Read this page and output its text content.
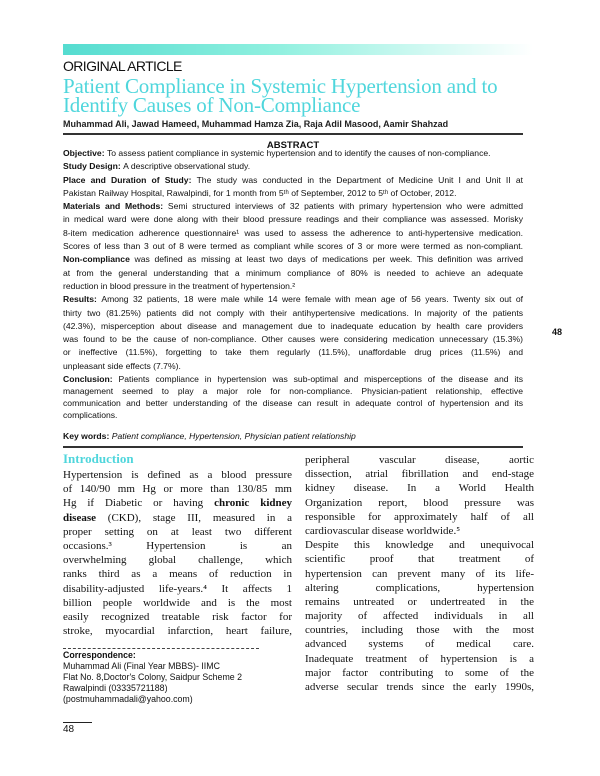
ORIGINAL ARTICLE
Patient Compliance in Systemic Hypertension and to
Identify Causes of Non-Compliance
Muhammad Ali, Jawad Hameed, Muhammad Hamza Zia, Raja Adil Masood, Aamir Shahzad
ABSTRACT
Objective: To assess patient compliance in systemic hypertension and to identify the causes of non-compliance.
Study Design: A descriptive observational study.
Place and Duration of Study: The study was conducted in the Department of Medicine Unit I and Unit II at
Pakistan Railway Hospital, Rawalpindi, for 1 month from 5ᵗʰ of September, 2012 to 5ᵗʰ of October, 2012.
Materials and Methods: Semi structured interviews of 32 patients with primary hypertension who were admitted
in medical ward were done along with their blood pressure readings and their compliance was assessed. Morisky
8-item medication adherence questionnaire¹ was used to assess the adherence to anti-hypertensive medication.
Scores of less than 3 out of 8 were termed as compliant while scores of 3 or more were termed as non-compliant.
Non-compliance was defined as missing at least two days of medications per week. This definition was arrived
at from the general understanding that a minimum compliance of 80% is needed to achieve an adequate
reduction in blood pressure in the treatment of hypertension.²
Results: Among 32 patients, 18 were male while 14 were female with mean age of 56 years. Twenty six out of
thirty two (81.25%) patients did not comply with their antihypertensive medications. In majority of the patients
(42.3%), misperception about disease and management due to inadequate education by health care providers
was found to be the cause of non-compliance. Other causes were considering medication unnecessary (15.3%)
or ineffective (11.5%), forgetting to take them regularly (11.5%), unaffordable drug prices (11.5%) and
unpleasant side effects (7.7%).
Conclusion: Patients compliance in hypertension was sub-optimal and misperceptions of the disease and its
management seemed to play a major role for non-compliance. Physician-patient relationship, effective
communication and better understanding of the disease can result in adequate control of hypertension and its
complications.
Key words: Patient compliance, Hypertension, Physician patient relationship
48
Introduction
Hypertension is defined as a blood pressure
of 140/90 mm Hg or more than 130/85 mm
Hg if Diabetic or having chronic kidney
disease (CKD), stage III, measured in a
proper setting on at least two different
occasions.³ Hypertension is an
overwhelming global challenge, which
ranks third as a means of reduction in
disability-adjusted life-years.⁴ It affects 1
billion people worldwide and is the most
easily recognized treatable risk factor for
stroke, myocardial infarction, heart failure,
peripheral vascular disease, aortic
dissection, atrial fibrillation and end-stage
kidney disease. In a World Health
Organization report, blood pressure was
responsible for approximately half of all
cardiovascular disease worldwide.⁵
Despite this knowledge and unequivocal
scientific proof that treatment of
hypertension can prevent many of its life-
altering complications, hypertension
remains untreated or undertreated in the
majority of affected individuals in all
countries, including those with the most
advanced systems of medical care.
Inadequate treatment of hypertension is a
major factor contributing to some of the
adverse secular trends since the early 1990s,
Correspondence:
Muhammad Ali (Final Year MBBS)- IIMC
Flat No. 8,Doctor's Colony, Saidpur Scheme 2
Rawalpindi (03335721188)
(postmuhammadali@yahoo.com)
48
